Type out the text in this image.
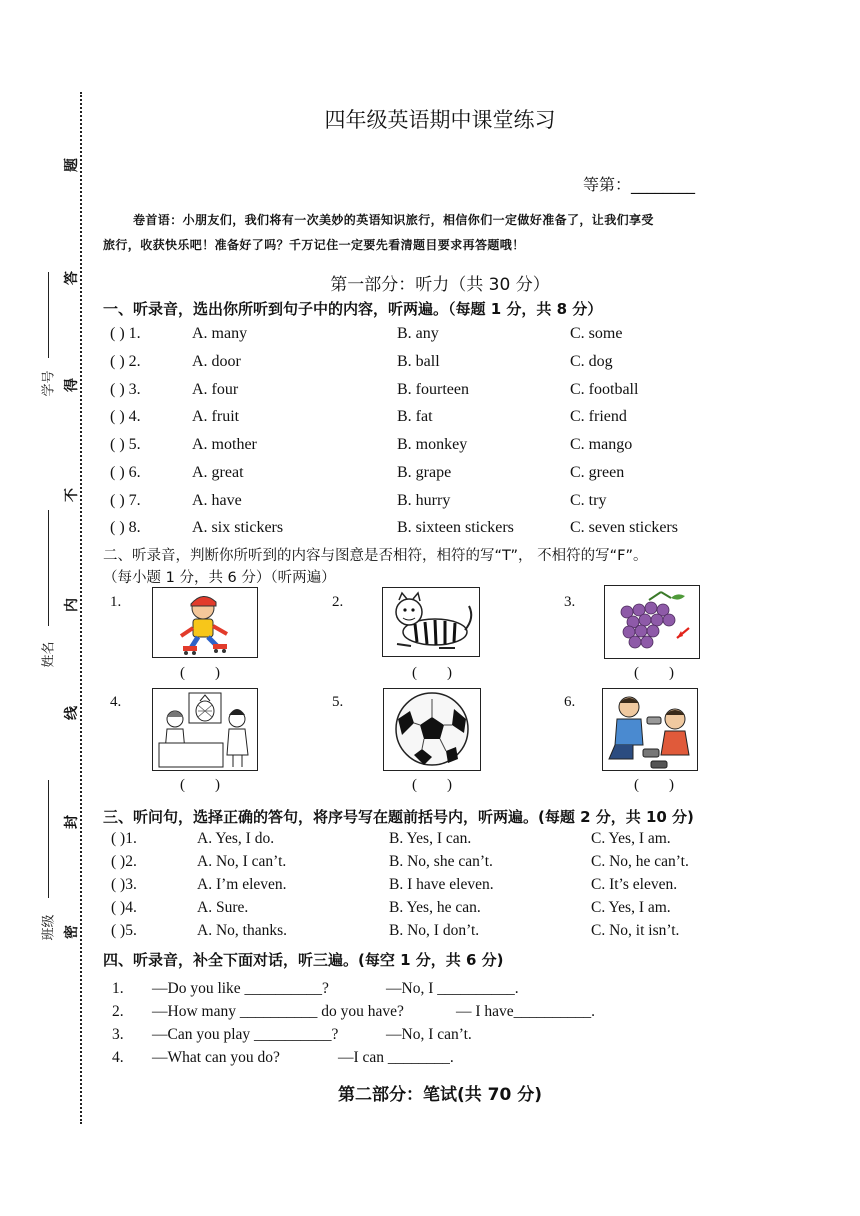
题
答
得
不
内
线
封
密
学号
姓名
班级
四年级英语期中课堂练习
等第：________
卷首语：小朋友们，我们将有一次美妙的英语知识旅行，相信你们一定做好准备了，让我们享受
旅行，收获快乐吧！准备好了吗？千万记住一定要先看清题目要求再答题哦！
第一部分：听力（共 30 分）
一、听录音，选出你所听到句子中的内容，听两遍。（每题 1 分，共 8 分）
( ) 1.	A. many	B. any	C. some
( ) 2.	A. door	B. ball	C. dog
( ) 3.	A. four	B. fourteen	C. football
( ) 4.	A. fruit	B. fat	C. friend
( ) 5.	A. mother	B. monkey	C. mango
( ) 6.	A. great	B. grape	C. green
( ) 7.	A. have	B. hurry	C. try
( ) 8.	A. six stickers	B. sixteen stickers	C. seven stickers
二、听录音，判断你所听到的内容与图意是否相符，相符的写“T”， 不相符的写“F”。
（每小题 1 分，共 6 分）（听两遍）
1.
(        )
2.
(        )
3.
(        )
4.
(        )
5.
(        )
6.
(        )
三、听问句，选择正确的答句，将序号写在题前括号内，听两遍。(每题 2 分，共 10 分)
( )1.	A. Yes, I do.	B. Yes, I can.	C. Yes, I am.
( )2.	A. No, I can’t.	B. No, she can’t.	C. No, he can’t.
( )3.	A. I’m eleven.	B. I have eleven.	C. It’s eleven.
( )4.	A. Sure.	B. Yes, he can.	C. Yes, I am.
( )5.	A. No, thanks.	B. No, I don’t.	C. No, it isn’t.
四、听录音，补全下面对话，听三遍。(每空 1 分，共 6 分)
1. —Do you like __________?	—No, I __________.
2. —How many __________ do you have?	— I have__________.
3. —Can you play __________?	—No, I can’t.
4. —What can you do?	—I can ________.
第二部分：笔试(共 70 分)
